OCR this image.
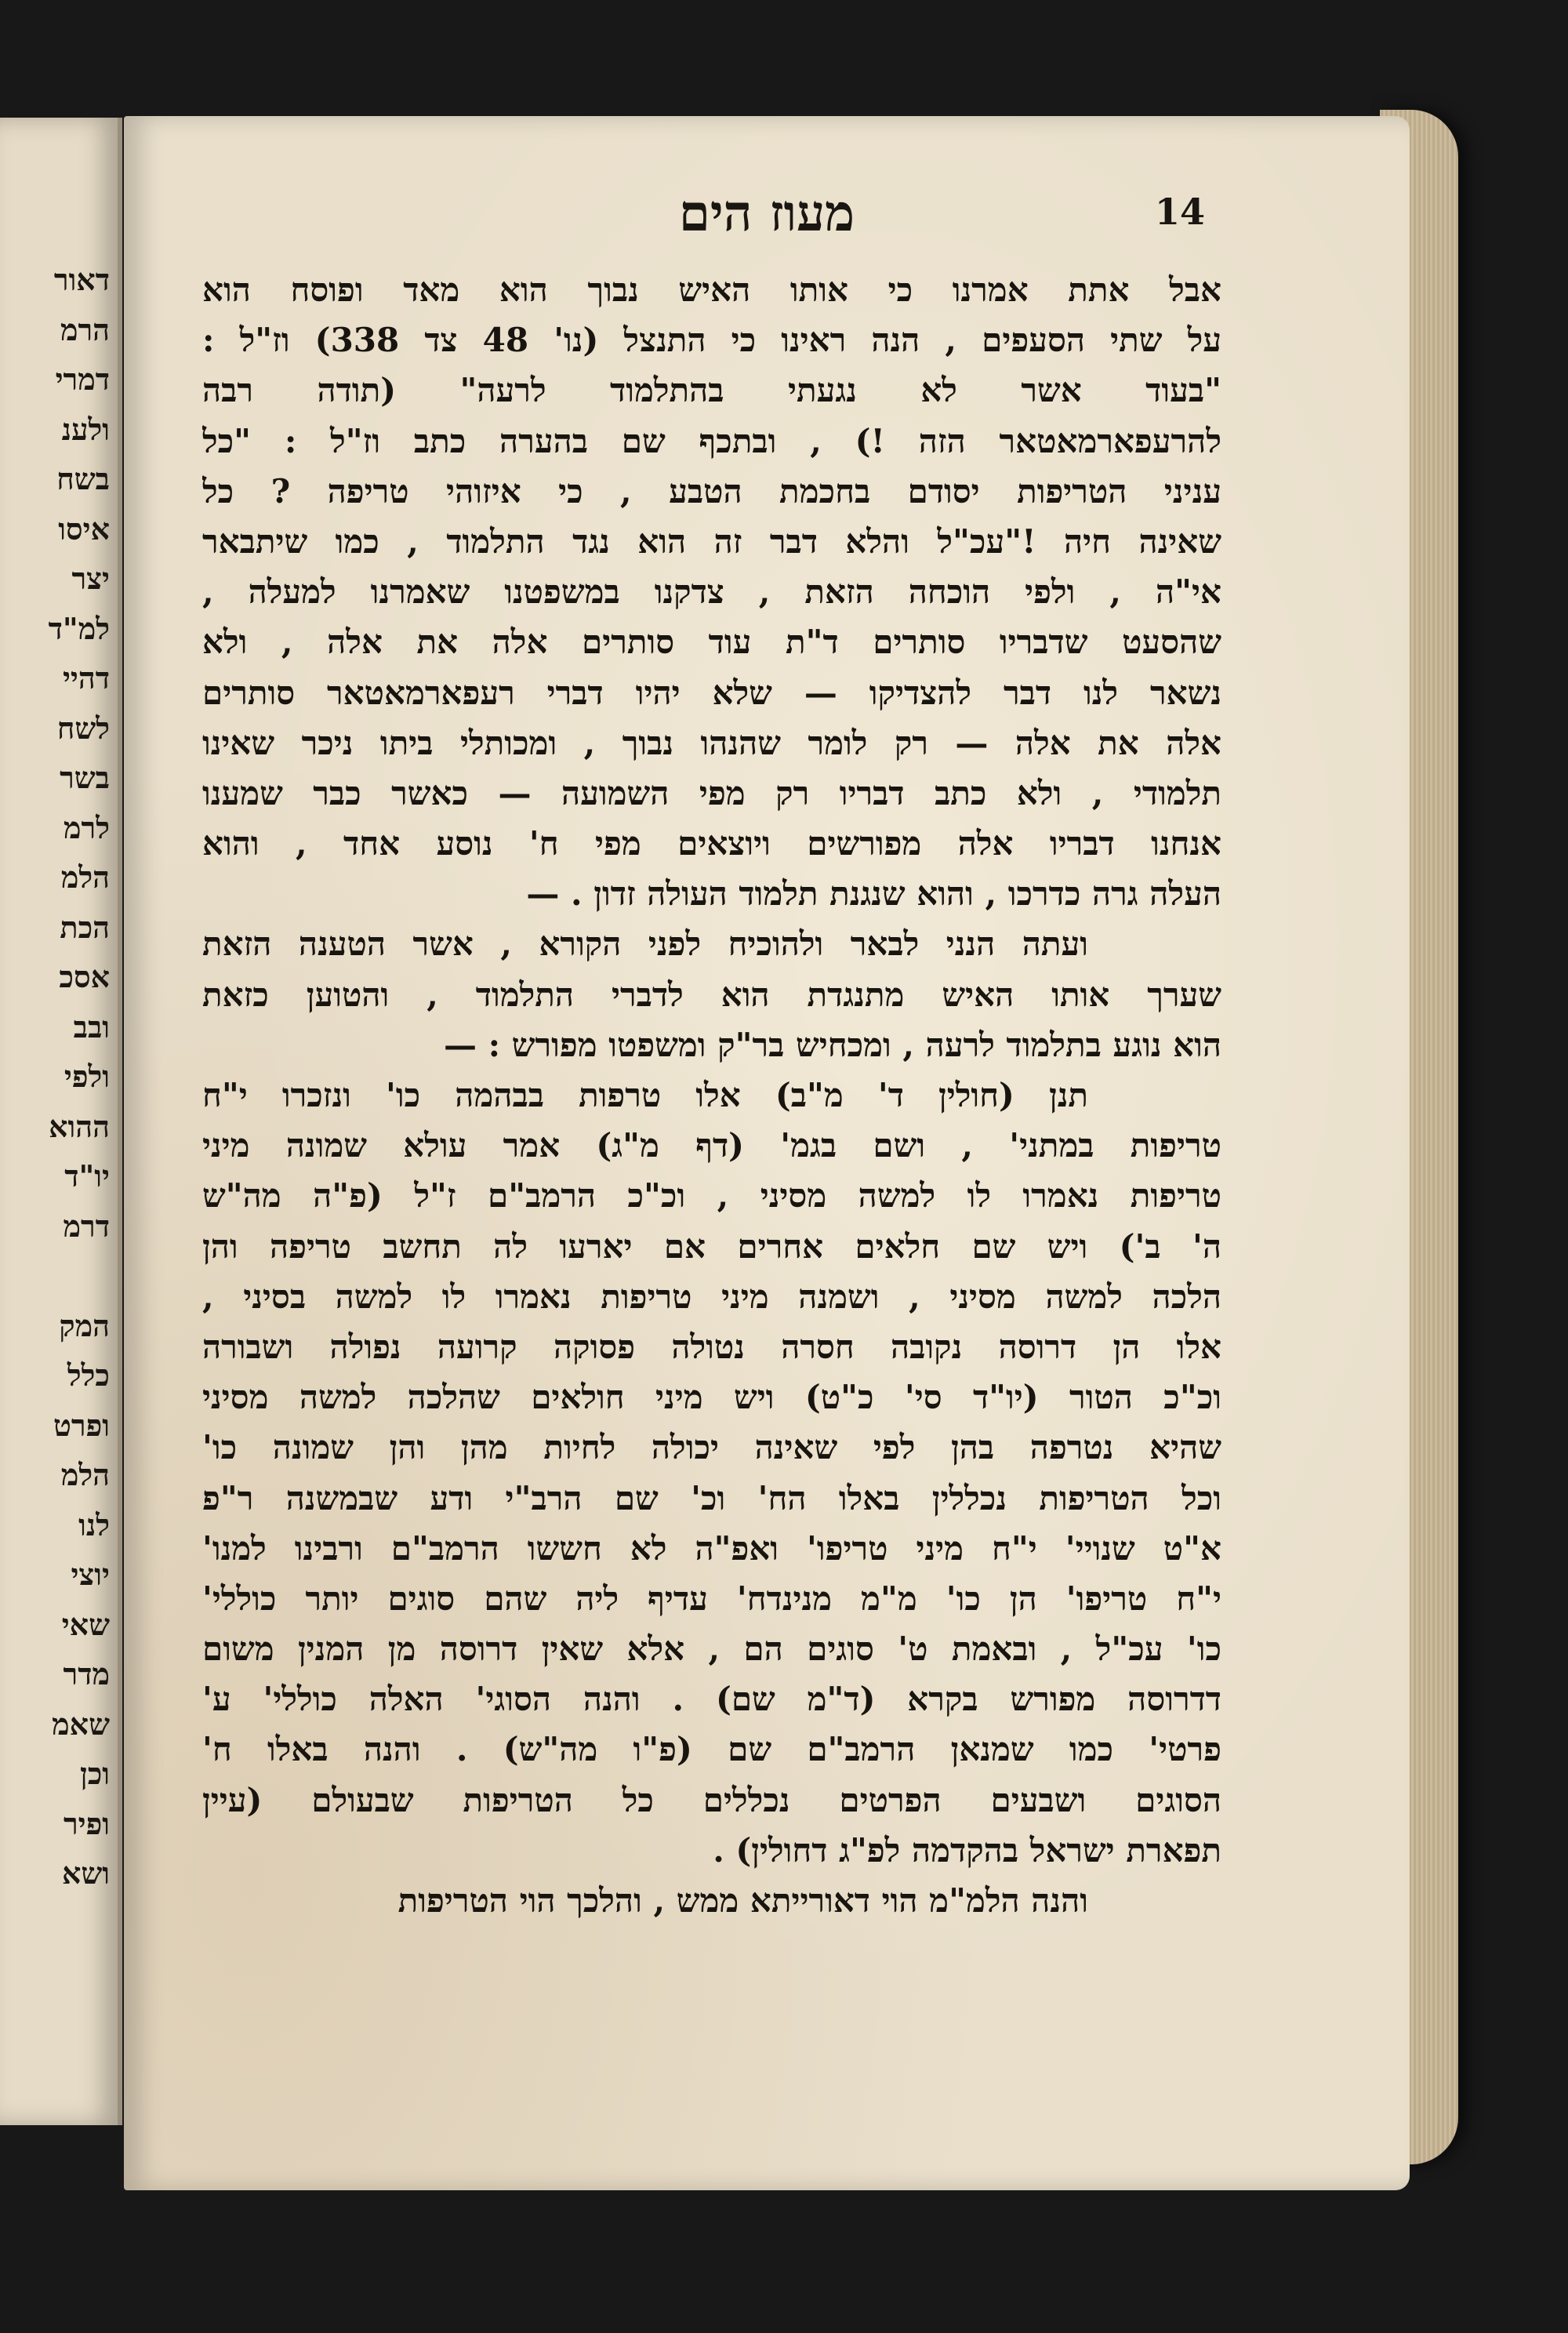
דאור
הרמ
דמרי
ולענ
בשח
איסו
יצר
למ"ד
דהיי
לשח
בשר
לרמ
הלמ
הכת
אסכ
ובב
ולפי
ההוא
יו"ד
דרמ
המק
כלל
ופרט
הלמ
לנו
יוצי
שאי
מדר
שאמ
וכן
ופיר
ושא
14
מעוז הים
אבל אתת אמרנו כי אותו האיש נבוך הוא מאד ופוסח הוא
על שתי הסעפים , הנה ראינו כי התנצל (נו' 48 צד 338) וז"ל :
"בעוד אשר לא נגעתי בהתלמוד לרעה" (תודה רבה
להרעפארמאטאר הזה !) , ובתכף שם בהערה כתב וז"ל : "כל
עניני הטריפות יסודם בחכמת הטבע , כי איזוהי טריפה ? כל
שאינה חיה !"עכ"ל והלא דבר זה הוא נגד התלמוד , כמו שיתבאר
אי"ה , ולפי הוכחה הזאת , צדקנו במשפטנו שאמרנו למעלה ,
שהסעט שדבריו סותרים ד"ת עוד סותרים אלה את אלה , ולא
נשאר לנו דבר להצדיקו — שלא יהיו דברי רעפארמאטאר סותרים
אלה את אלה — רק לומר שהנהו נבוך , ומכותלי ביתו ניכר שאינו
תלמודי , ולא כתב דבריו רק מפי השמועה — כאשר כבר שמענו
אנחנו דבריו אלה מפורשים ויוצאים מפי ח' נוסע אחד , והוא
העלה גרה כדרכו , והוא שנגנת תלמוד העולה זדון . —
ועתה הנני לבאר ולהוכיח לפני הקורא , אשר הטענה הזאת
שערך אותו האיש מתנגדת הוא לדברי התלמוד , והטוען כזאת
הוא נוגע בתלמוד לרעה , ומכחיש בר"ק ומשפטו מפורש : —
תנן (חולין ד' מ"ב) אלו טרפות בבהמה כו' ונזכרו י"ח
טריפות במתני' , ושם בגמ' (דף מ"ג) אמר עולא שמונה מיני
טריפות נאמרו לו למשה מסיני , וכ"כ הרמב"ם ז"ל (פ"ה מה"ש
ה' ב') ויש שם חלאים אחרים אם יארעו לה תחשב טריפה והן
הלכה למשה מסיני , ושמנה מיני טריפות נאמרו לו למשה בסיני ,
אלו הן דרוסה נקובה חסרה נטולה פסוקה קרועה נפולה ושבורה
וכ"כ הטור (יו"ד סי' כ"ט) ויש מיני חולאים שהלכה למשה מסיני
שהיא נטרפה בהן לפי שאינה יכולה לחיות מהן והן שמונה כו'
וכל הטריפות נכללין באלו הח' וכ' שם הרב"י ודע שבמשנה ר"פ
א"ט שנויי' י"ח מיני טריפו' ואפ"ה לא חששו הרמב"ם ורבינו למנו'
י"ח טריפו' הן כו' מ"מ מנינדח' עדיף ליה שהם סוגים יותר כוללי'
כו' עכ"ל , ובאמת ט' סוגים הם , אלא שאין דרוסה מן המנין משום
דדרוסה מפורש בקרא (ד"מ שם) . והנה הסוגי' האלה כוללי' ע'
פרטי' כמו שמנאן הרמב"ם שם (פ"ו מה"ש) . והנה באלו ח'
הסוגים ושבעים הפרטים נכללים כל הטריפות שבעולם (עיין
תפארת ישראל בהקדמה לפ"ג דחולין) .
והנה הלמ"מ הוי דאורייתא ממש , והלכך הוי הטריפות
